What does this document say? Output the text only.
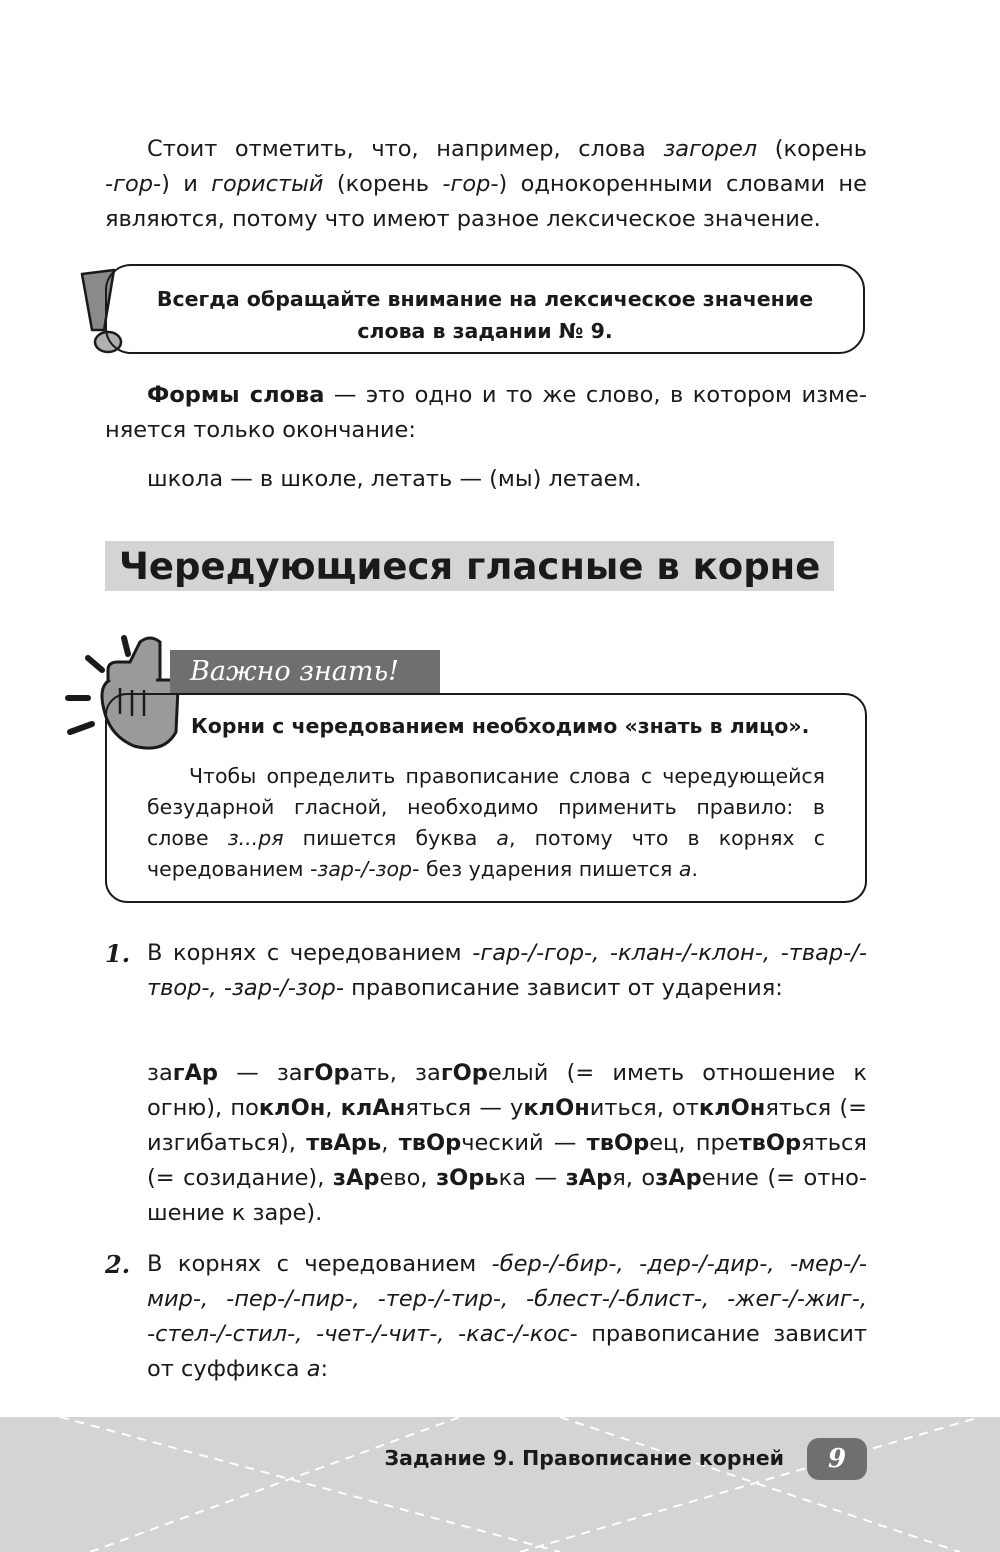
Стоит отметить, что, например, слова загорел (корень -гор-) и гористый (корень -гор-) однокоренными словами не являются, потому что имеют разное лексическое значение.

Всегда обращайте внимание на лексическое значение
слова в задании № 9.

Формы слова — это одно и то же слово, в котором изменяется только окончание:

школа — в школе, летать — (мы) летаем.

Чередующиеся гласные в корне
Важно знать!
Корни с чередованием необходимо «знать в лицо».
Чтобы определить правописание слова с чередующейся безударной гласной, необходимо применить правило: в слове з...ря пишется буква а, потому что в корнях с чередованием -зар-/-зор- без ударения пишется а.
1. В корнях с чередованием -гар-/-гор-, -клан-/-клон-, -твар-/-твор-, -зар-/-зор- правописание зависит от ударения:

загАр — загОрать, загОрелый (= иметь отношение к огню), поклОн, клАняться — уклОниться, отклОняться (= изгибаться), твАрь, твОрческий — твОрец, претвОряться (= созидание), зАрево, зОрька — зАря, озАрение (= отношение к заре).

2. В корнях с чередованием -бер-/-бир-, -дер-/-дир-, -мер-/-мир-, -пер-/-пир-, -тер-/-тир-, -блест-/-блист-, -жег-/-жиг-, -стел-/-стил-, -чет-/-чит-, -кас-/-кос- правописание зависит от суффикса а:

Задание 9. Правописание корней	9
